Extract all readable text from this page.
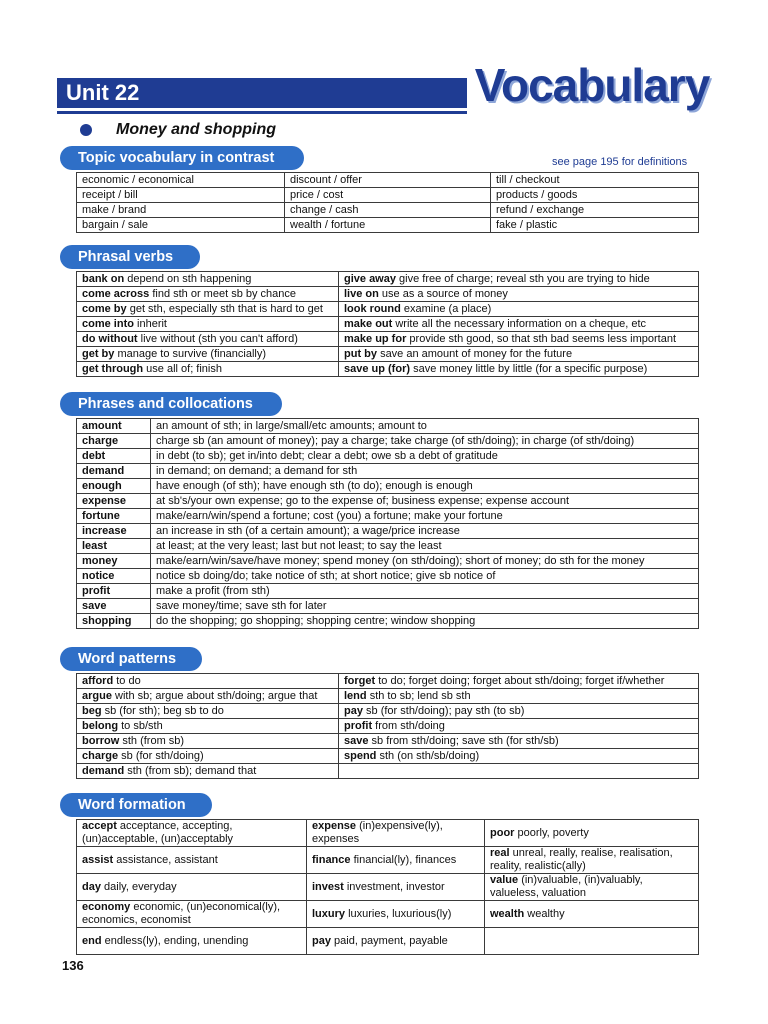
Unit 22	Vocabulary
Money and shopping
Topic vocabulary in contrast	see page 195 for definitions
economic / economical	discount / offer	till / checkout
receipt / bill	price / cost	products / goods
make / brand	change / cash	refund / exchange
bargain / sale	wealth / fortune	fake / plastic
Phrasal verbs
bank on depend on sth happening	give away give free of charge; reveal sth you are trying to hide
come across find sth or meet sb by chance	live on use as a source of money
come by get sth, especially sth that is hard to get	look round examine (a place)
come into inherit	make out write all the necessary information on a cheque, etc
do without live without (sth you can't afford)	make up for provide sth good, so that sth bad seems less important
get by manage to survive (financially)	put by save an amount of money for the future
get through use all of; finish	save up (for) save money little by little (for a specific purpose)
Phrases and collocations
amount	an amount of sth; in large/small/etc amounts; amount to
charge	charge sb (an amount of money); pay a charge; take charge (of sth/doing); in charge (of sth/doing)
debt	in debt (to sb); get in/into debt; clear a debt; owe sb a debt of gratitude
demand	in demand; on demand; a demand for sth
enough	have enough (of sth); have enough sth (to do); enough is enough
expense	at sb's/your own expense; go to the expense of; business expense; expense account
fortune	make/earn/win/spend a fortune; cost (you) a fortune; make your fortune
increase	an increase in sth (of a certain amount); a wage/price increase
least	at least; at the very least; last but not least; to say the least
money	make/earn/win/save/have money; spend money (on sth/doing); short of money; do sth for the money
notice	notice sb doing/do; take notice of sth; at short notice; give sb notice of
profit	make a profit (from sth)
save	save money/time; save sth for later
shopping	do the shopping; go shopping; shopping centre; window shopping
Word patterns
afford to do	forget to do; forget doing; forget about sth/doing; forget if/whether
argue with sb; argue about sth/doing; argue that	lend sth to sb; lend sb sth
beg sb (for sth); beg sb to do	pay sb (for sth/doing); pay sth (to sb)
belong to sb/sth	profit from sth/doing
borrow sth (from sb)	save sb from sth/doing; save sth (for sth/sb)
charge sb (for sth/doing)	spend sth (on sth/sb/doing)
demand sth (from sb); demand that	
Word formation
accept acceptance, accepting, (un)acceptable, (un)acceptably	expense (in)expensive(ly), expenses	poor poorly, poverty
assist assistance, assistant	finance financial(ly), finances	real unreal, really, realise, realisation, reality, realistic(ally)
day daily, everyday	invest investment, investor	value (in)valuable, (in)valuably, valueless, valuation
economy economic, (un)economical(ly), economics, economist	luxury luxuries, luxurious(ly)	wealth wealthy
end endless(ly), ending, unending	pay paid, payment, payable	
136
